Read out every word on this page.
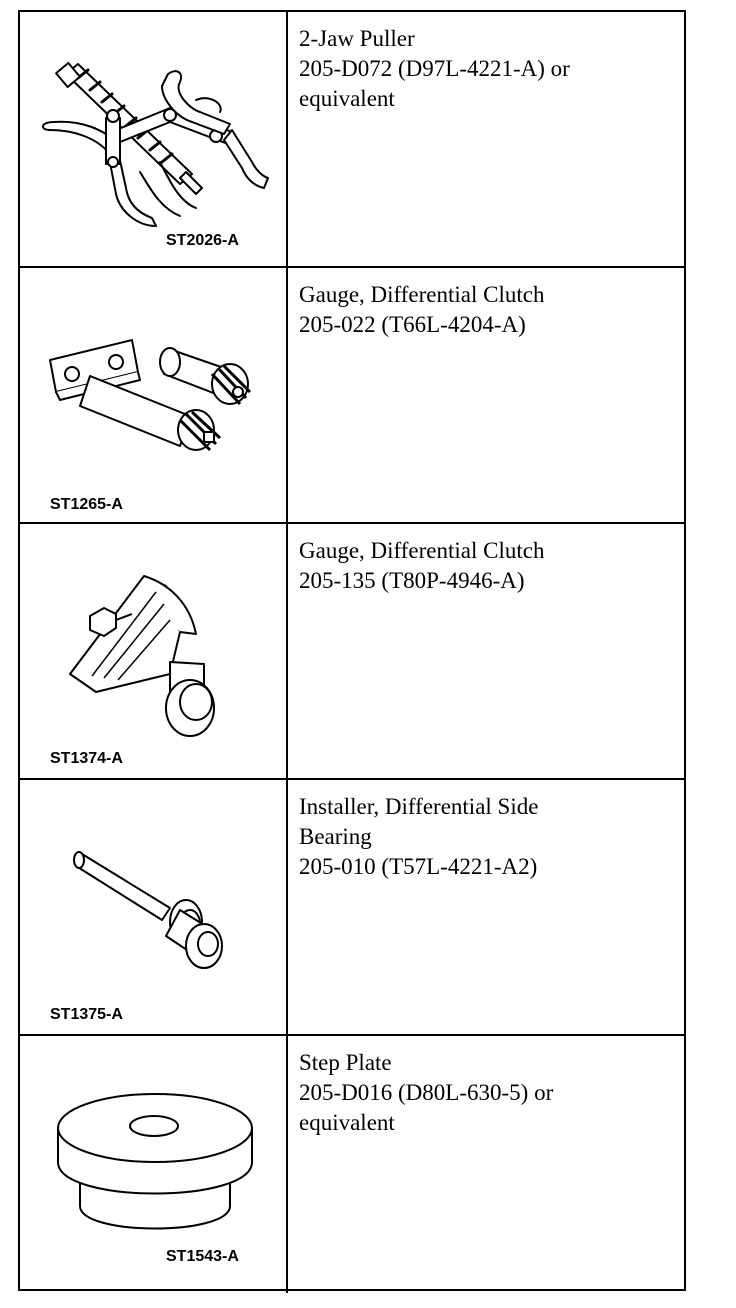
ST2026-A
2-Jaw Puller
205-D072 (D97L-4221-A) or
equivalent
ST1265-A
Gauge, Differential Clutch
205-022 (T66L-4204-A)
ST1374-A
Gauge, Differential Clutch
205-135 (T80P-4946-A)
ST1375-A
Installer, Differential Side
Bearing
205-010 (T57L-4221-A2)
ST1543-A
Step Plate
205-D016 (D80L-630-5) or
equivalent
